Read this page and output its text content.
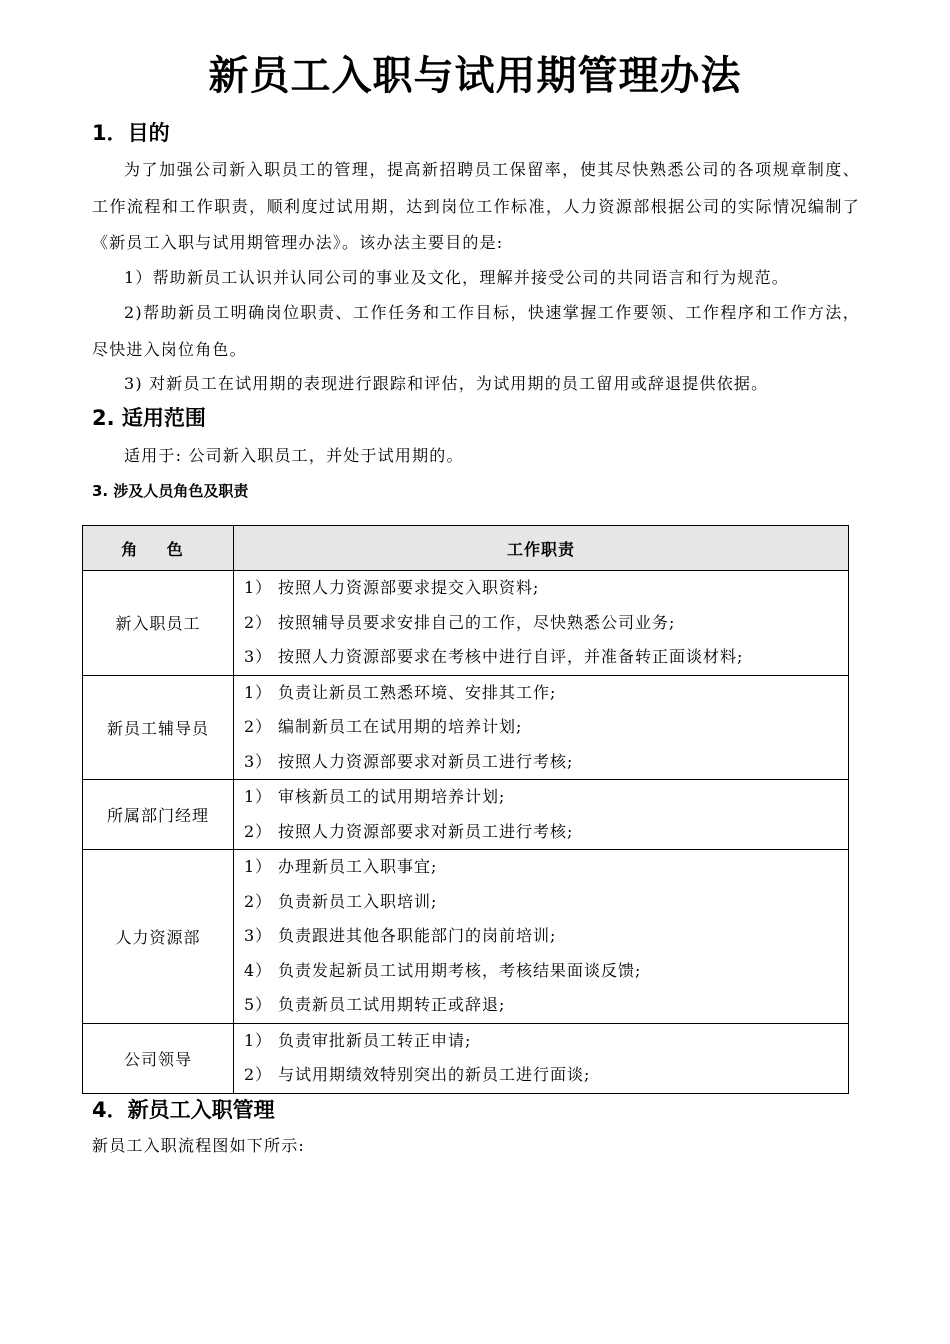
新员工入职与试用期管理办法
1．目的
为了加强公司新入职员工的管理，提高新招聘员工保留率，使其尽快熟悉公司的各项规章制度、工作流程和工作职责，顺利度过试用期，达到岗位工作标准，人力资源部根据公司的实际情况编制了《新员工入职与试用期管理办法》。该办法主要目的是:
1）帮助新员工认识并认同公司的事业及文化，理解并接受公司的共同语言和行为规范。
2)帮助新员工明确岗位职责、工作任务和工作目标，快速掌握工作要领、工作程序和工作方法，尽快进入岗位角色。
3) 对新员工在试用期的表现进行跟踪和评估，为试用期的员工留用或辞退提供依据。
2. 适用范围
适用于: 公司新入职员工，并处于试用期的。
3. 涉及人员角色及职责
角 色	工作职责
新入职员工	1） 按照人力资源部要求提交入职资料;
2） 按照辅导员要求安排自己的工作，尽快熟悉公司业务;
3） 按照人力资源部要求在考核中进行自评，并准备转正面谈材料;

新员工辅导员	1） 负责让新员工熟悉环境、安排其工作;
2） 编制新员工在试用期的培养计划;
3） 按照人力资源部要求对新员工进行考核;

所属部门经理	1） 审核新员工的试用期培养计划;
2） 按照人力资源部要求对新员工进行考核;

人力资源部	1） 办理新员工入职事宜;
2） 负责新员工入职培训;
3） 负责跟进其他各职能部门的岗前培训;
4） 负责发起新员工试用期考核，考核结果面谈反馈;
5） 负责新员工试用期转正或辞退;

公司领导	1） 负责审批新员工转正申请;
2） 与试用期绩效特别突出的新员工进行面谈;
4．新员工入职管理
新员工入职流程图如下所示:
